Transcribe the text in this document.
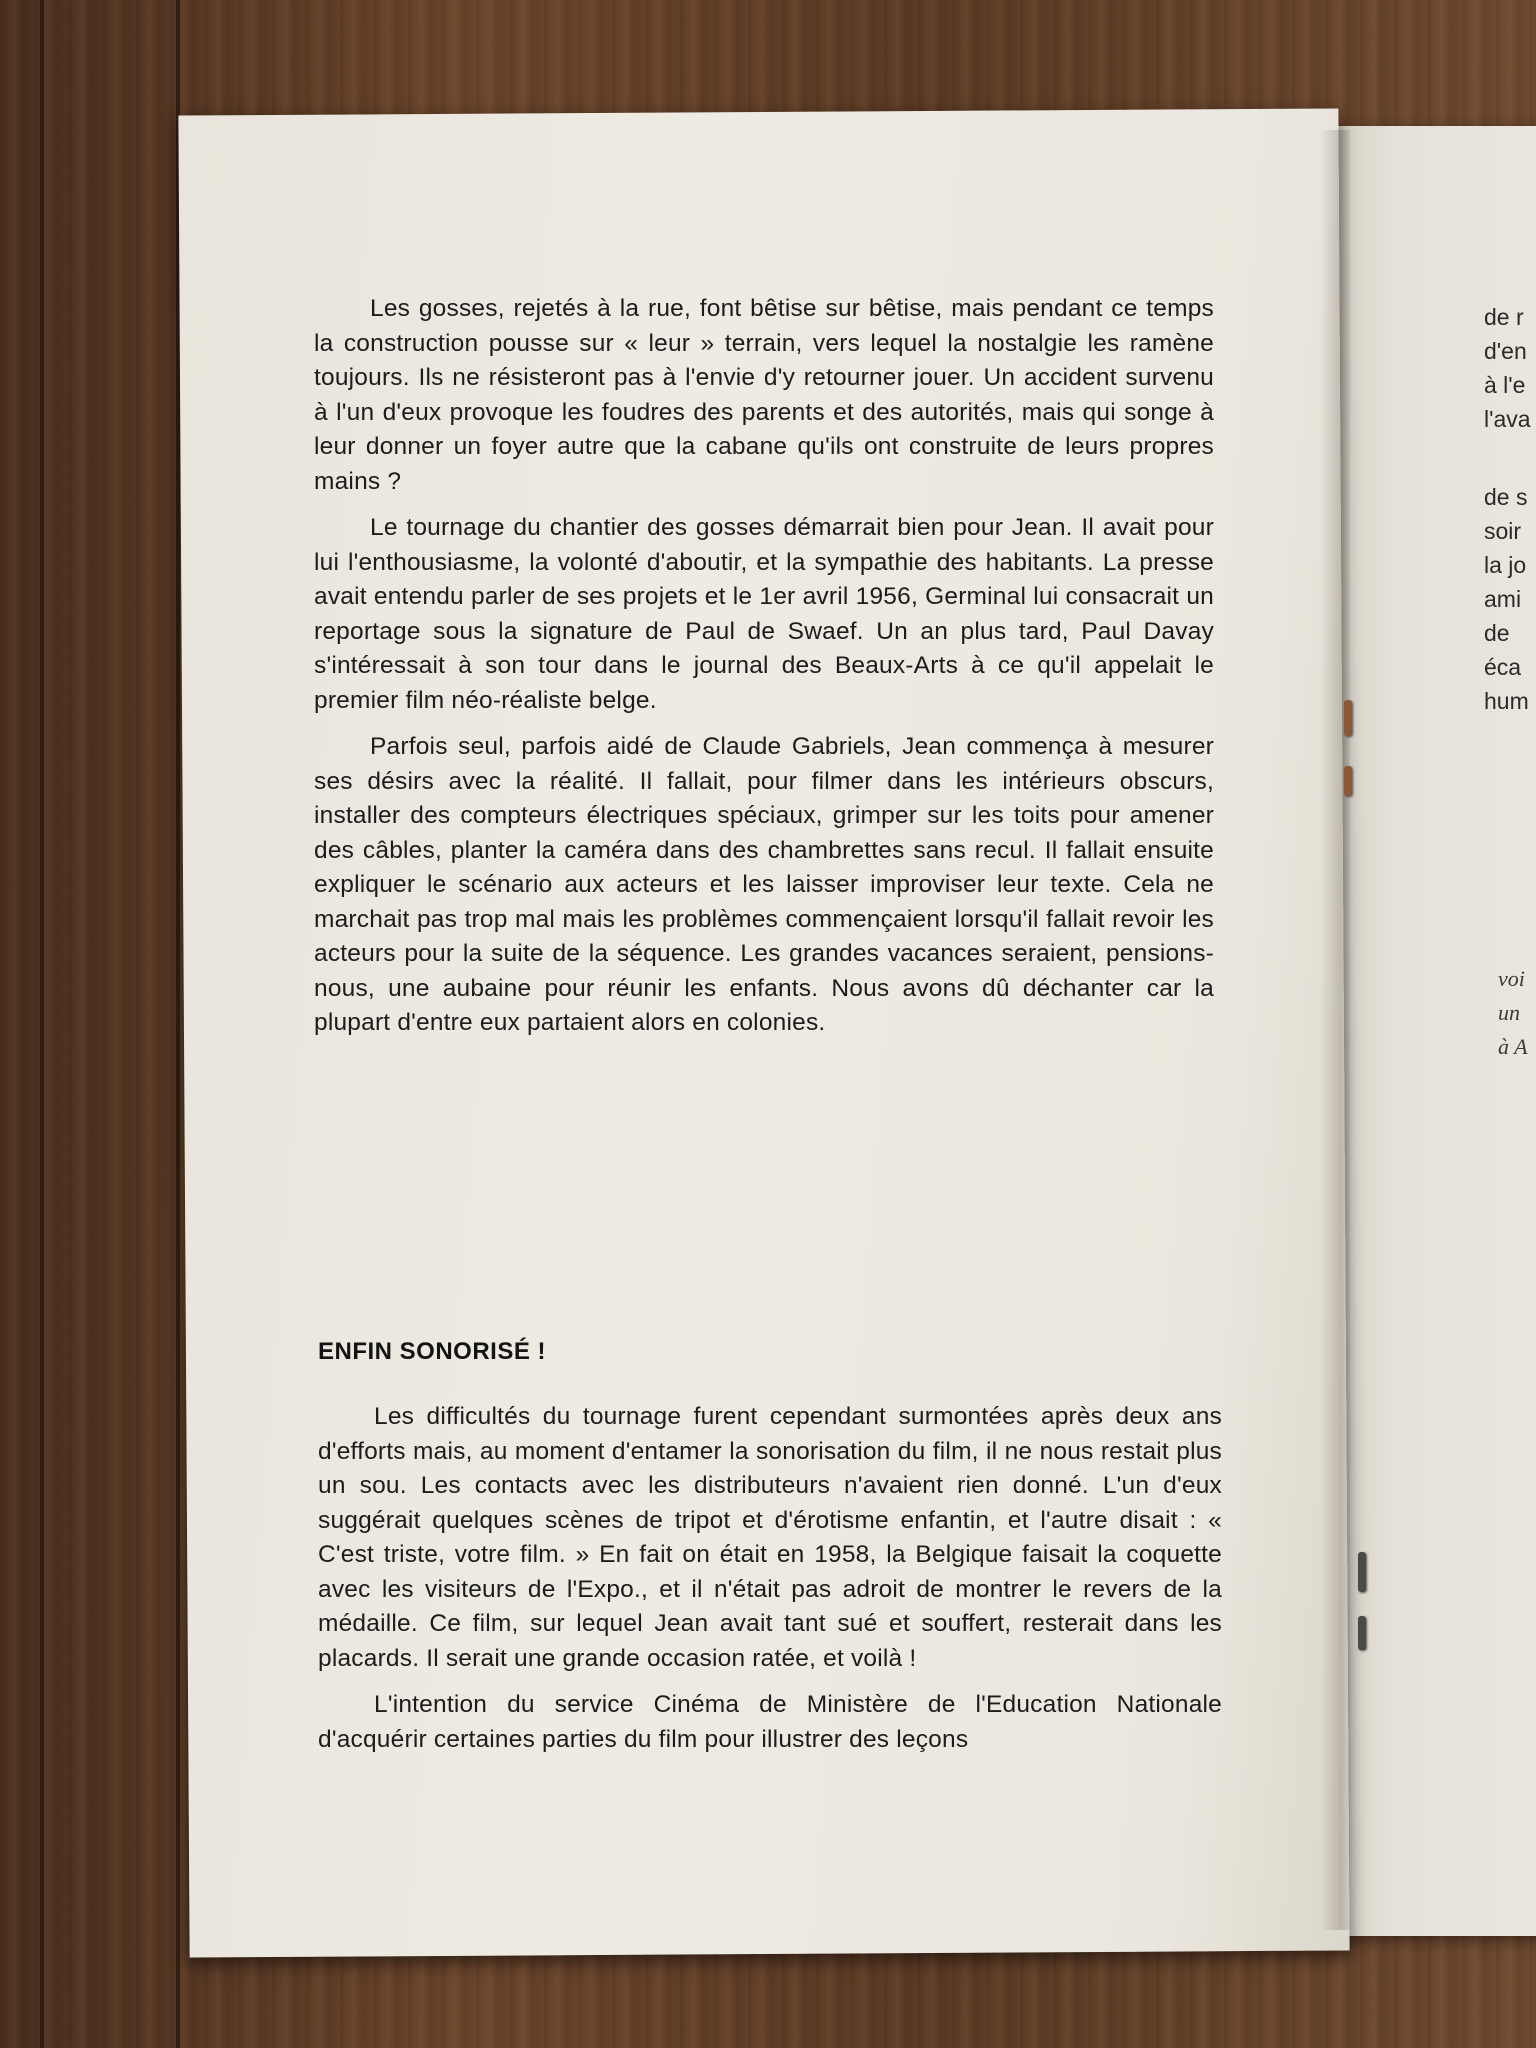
de r
d'en
à l'e
l'ava
de s
soir
la jo
ami
de
éca
hum
voi
un
à A

Les gosses, rejetés à la rue, font bêtise sur bêtise, mais pendant ce temps la construction pousse sur « leur » terrain, vers lequel la nostalgie les ramène toujours. Ils ne résisteront pas à l'envie d'y retourner jouer. Un accident survenu à l'un d'eux provoque les foudres des parents et des autorités, mais qui songe à leur donner un foyer autre que la cabane qu'ils ont construite de leurs propres mains ?

Le tournage du chantier des gosses démarrait bien pour Jean. Il avait pour lui l'enthousiasme, la volonté d'aboutir, et la sympathie des habitants. La presse avait entendu parler de ses projets et le 1er avril 1956, Germinal lui consacrait un reportage sous la signature de Paul de Swaef. Un an plus tard, Paul Davay s'intéressait à son tour dans le journal des Beaux-Arts à ce qu'il appelait le premier film néo-réaliste belge.

Parfois seul, parfois aidé de Claude Gabriels, Jean commença à mesurer ses désirs avec la réalité. Il fallait, pour filmer dans les intérieurs obscurs, installer des compteurs électriques spéciaux, grimper sur les toits pour amener des câbles, planter la caméra dans des chambrettes sans recul. Il fallait ensuite expliquer le scénario aux acteurs et les laisser improviser leur texte. Cela ne marchait pas trop mal mais les problèmes commençaient lorsqu'il fallait revoir les acteurs pour la suite de la séquence. Les grandes vacances seraient, pensions-nous, une aubaine pour réunir les enfants. Nous avons dû déchanter car la plupart d'entre eux partaient alors en colonies.

ENFIN SONORISÉ !

Les difficultés du tournage furent cependant surmontées après deux ans d'efforts mais, au moment d'entamer la sonorisation du film, il ne nous restait plus un sou. Les contacts avec les distributeurs n'avaient rien donné. L'un d'eux suggérait quelques scènes de tripot et d'érotisme enfantin, et l'autre disait : « C'est triste, votre film. » En fait on était en 1958, la Belgique faisait la coquette avec les visiteurs de l'Expo., et il n'était pas adroit de montrer le revers de la médaille. Ce film, sur lequel Jean avait tant sué et souffert, resterait dans les placards. Il serait une grande occasion ratée, et voilà !

L'intention du service Cinéma de Ministère de l'Education Nationale d'acquérir certaines parties du film pour illustrer des leçons
